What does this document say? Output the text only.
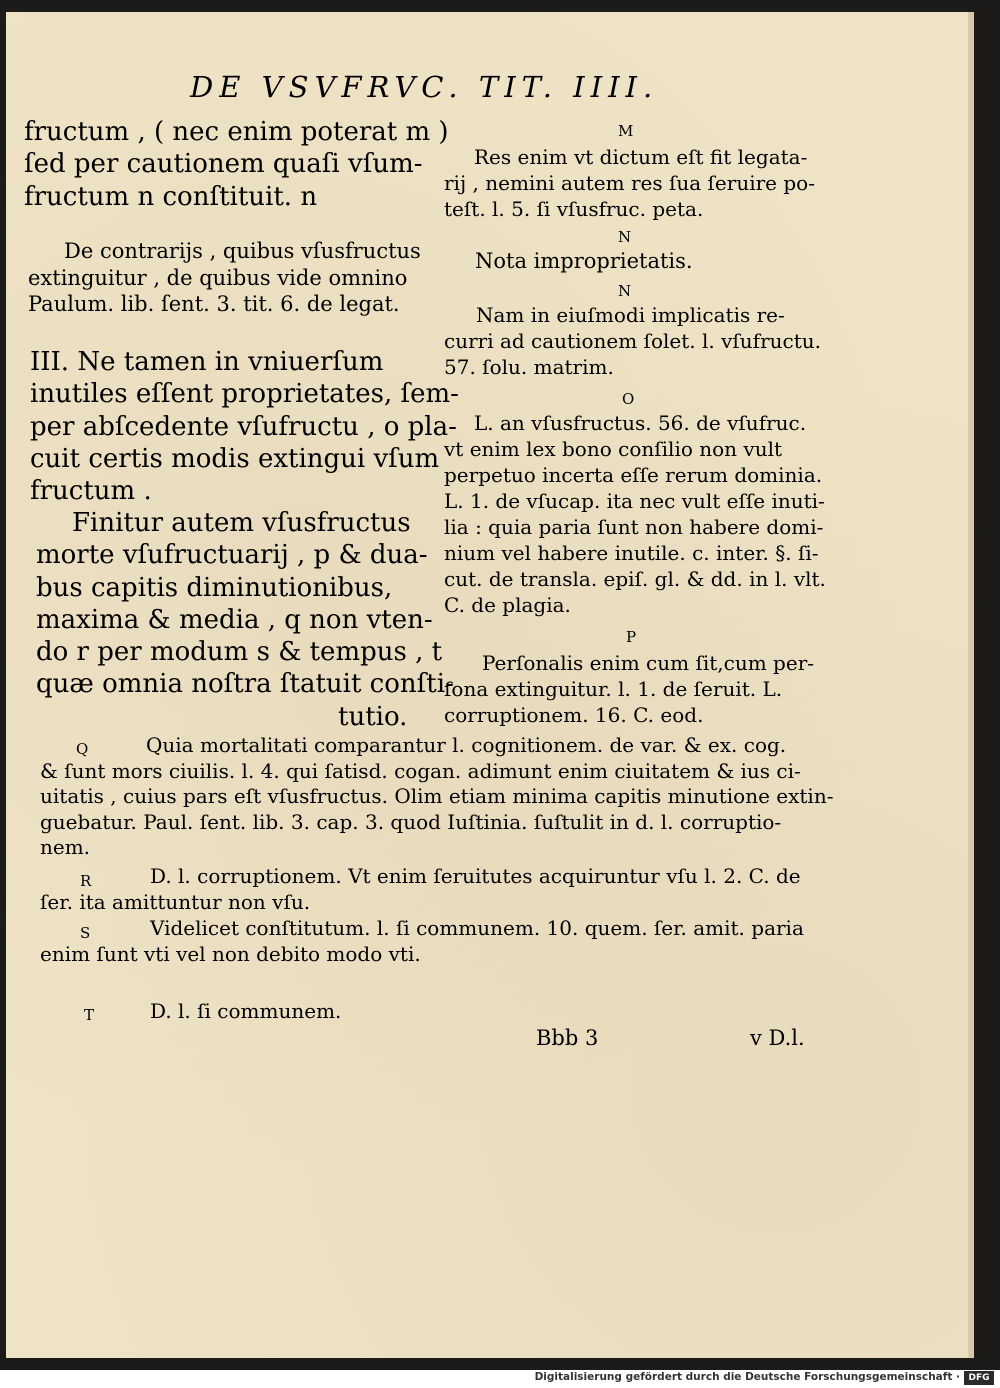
DE VSVFRVC. TIT. IIII.
fructum , ( nec enim poterat m )
ſed per cautionem quaſi vſum-
fructum n conſtituit. n
De contrarijs , quibus vſusfructus
extinguitur , de quibus vide omnino
Paulum. lib. ſent. 3. tit. 6. de legat.
III. Ne tamen in vniuerſum
inutiles eſſent proprietates, ſem-
per abſcedente vſufructu , o pla-
cuit certis modis extingui vſum
fructum .
Finitur autem vſusfructus
morte vſufructuarij , p & dua-
bus capitis diminutionibus,
maxima & media , q non vten-
do r per modum s & tempus , t
quæ omnia noſtra ſtatuit conſti-
tutio.
M
Res enim vt dictum eſt fit legata-
rij , nemini autem res ſua ſeruire po-
teſt. l. 5. ſi vſusfruc. peta.
N
Nota improprietatis.
N
Nam in eiuſmodi implicatis re-
curri ad cautionem ſolet. l. vſufructu.
57. ſolu. matrim.
O
L. an vſusfructus. 56. de vſufruc.
vt enim lex bono conſilio non vult
perpetuo incerta eſſe rerum dominia.
L. 1. de vſucap. ita nec vult eſſe inuti-
lia : quia paria ſunt non habere domi-
nium vel habere inutile. c. inter. §. ſi-
cut. de transla. epiſ. gl. & dd. in l. vlt.
C. de plagia.
P
Perſonalis enim cum ſit,cum per-
ſona extinguitur. l. 1. de ſeruit. L.
corruptionem. 16. C. eod.
Q	Quia mortalitati comparantur l. cognitionem. de var. & ex. cog.
& ſunt mors ciuilis. l. 4. qui ſatisd. cogan. adimunt enim ciuitatem & ius ci-
uitatis , cuius pars eſt vſusfructus. Olim etiam minima capitis minutione extin-
guebatur. Paul. ſent. lib. 3. cap. 3. quod Iuſtinia. ſuſtulit in d. l. corruptio-
nem.
R	D. l. corruptionem. Vt enim ſeruitutes acquiruntur vſu l. 2. C. de
ſer. ita amittuntur non vſu.
S	Videlicet conſtitutum. l. ſi communem. 10. quem. ſer. amit. paria
enim ſunt vti vel non debito modo vti.
T	D. l. ſi communem.
Bbb 3	v D.l.
Digitalisierung gefördert durch die Deutsche Forschungsgemeinschaft · DFG
